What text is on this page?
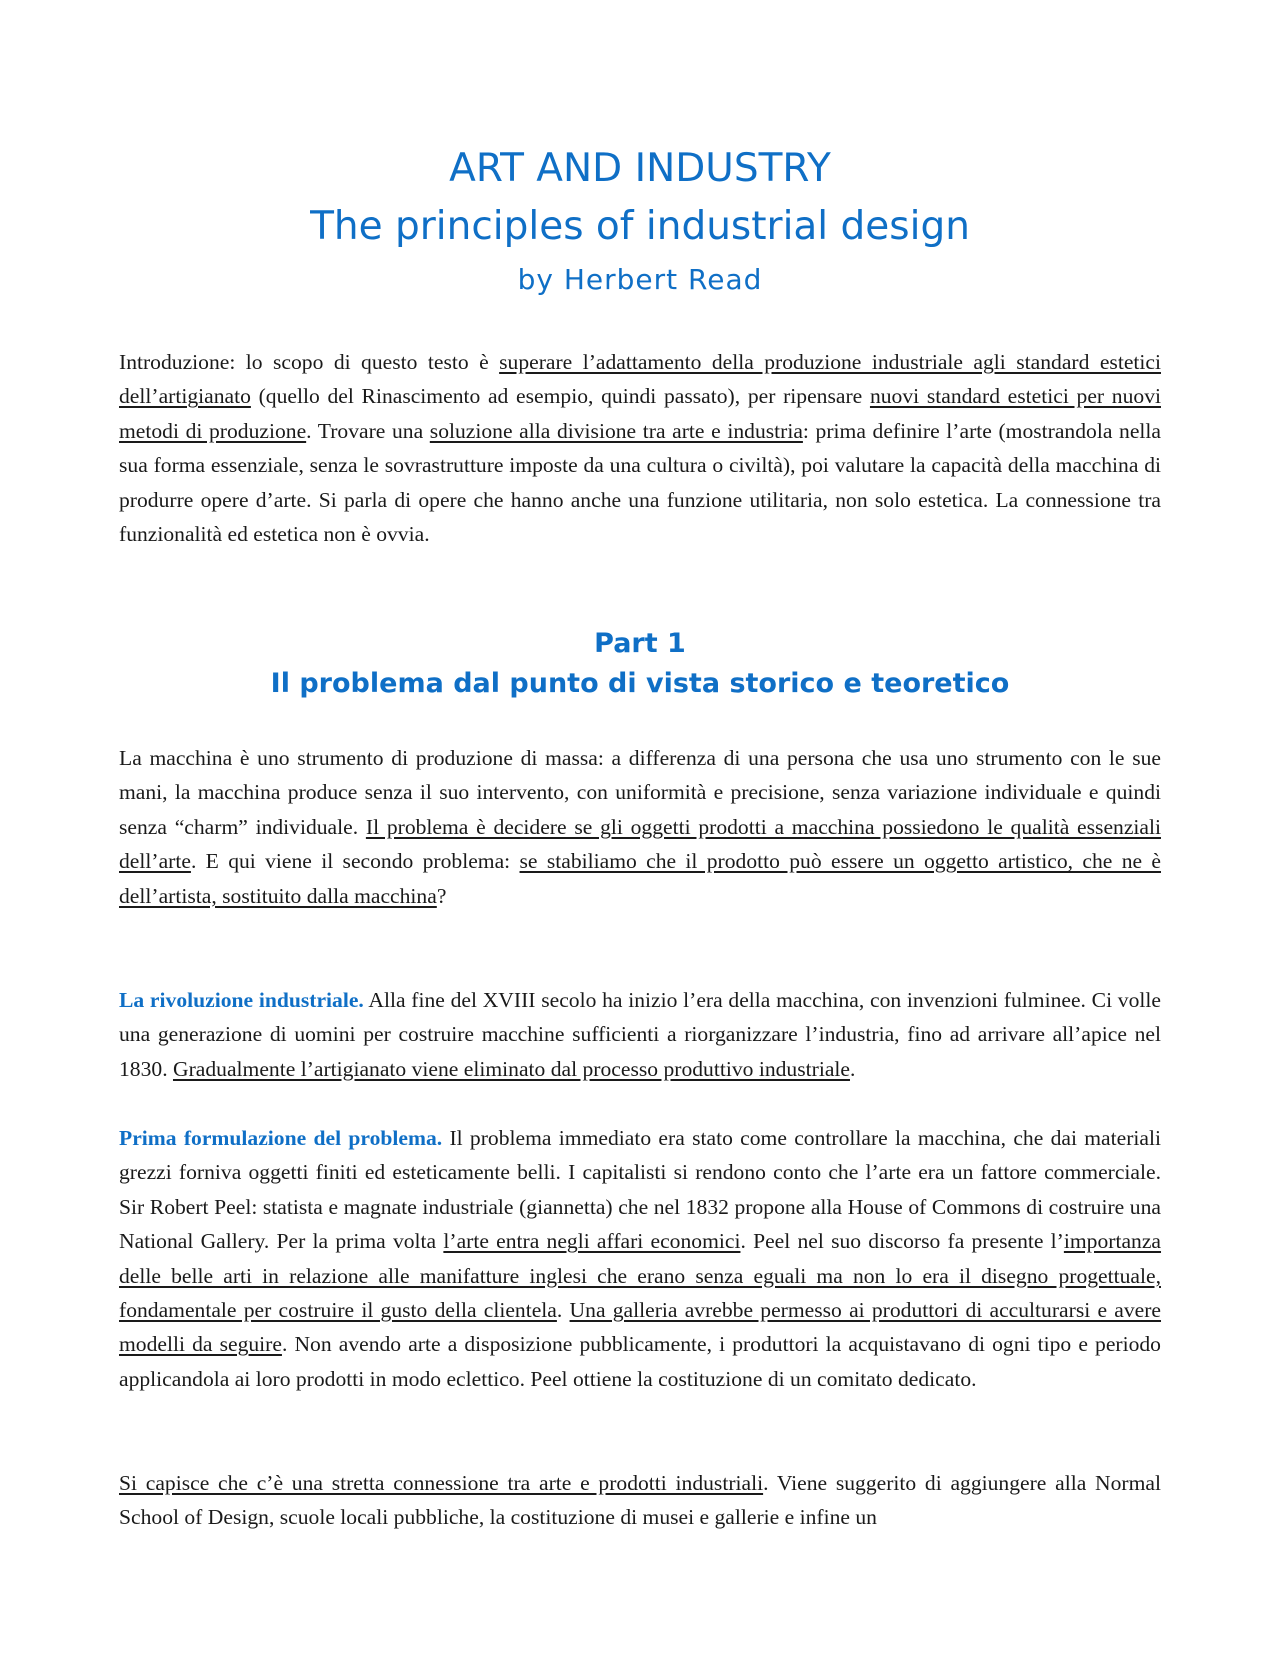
ART AND INDUSTRY
The principles of industrial design
by Herbert Read

Introduzione: lo scopo di questo testo è superare l’adattamento della produzione industriale agli standard estetici dell’artigianato (quello del Rinascimento ad esempio, quindi passato), per ripensare nuovi standard estetici per nuovi metodi di produzione. Trovare una soluzione alla divisione tra arte e industria: prima definire l’arte (mostrandola nella sua forma essenziale, senza le sovrastrutture imposte da una cultura o civiltà), poi valutare la capacità della macchina di produrre opere d’arte. Si parla di opere che hanno anche una funzione utilitaria, non solo estetica. La connessione tra funzionalità ed estetica non è ovvia.

Part 1
Il problema dal punto di vista storico e teoretico

La macchina è uno strumento di produzione di massa: a differenza di una persona che usa uno strumento con le sue mani, la macchina produce senza il suo intervento, con uniformità e precisione, senza variazione individuale e quindi senza “charm” individuale. Il problema è decidere se gli oggetti prodotti a macchina possiedono le qualità essenziali dell’arte. E qui viene il secondo problema: se stabiliamo che il prodotto può essere un oggetto artistico, che ne è dell’artista, sostituito dalla macchina?

La rivoluzione industriale. Alla fine del XVIII secolo ha inizio l’era della macchina, con invenzioni fulminee. Ci volle una generazione di uomini per costruire macchine sufficienti a riorganizzare l’industria, fino ad arrivare all’apice nel 1830. Gradualmente l’artigianato viene eliminato dal processo produttivo industriale.

Prima formulazione del problema. Il problema immediato era stato come controllare la macchina, che dai materiali grezzi forniva oggetti finiti ed esteticamente belli. I capitalisti si rendono conto che l’arte era un fattore commerciale. Sir Robert Peel: statista e magnate industriale (giannetta) che nel 1832 propone alla House of Commons di costruire una National Gallery. Per la prima volta l’arte entra negli affari economici. Peel nel suo discorso fa presente l’importanza delle belle arti in relazione alle manifatture inglesi che erano senza eguali ma non lo era il disegno progettuale, fondamentale per costruire il gusto della clientela. Una galleria avrebbe permesso ai produttori di acculturarsi e avere modelli da seguire. Non avendo arte a disposizione pubblicamente, i produttori la acquistavano di ogni tipo e periodo applicandola ai loro prodotti in modo eclettico. Peel ottiene la costituzione di un comitato dedicato.

Si capisce che c’è una stretta connessione tra arte e prodotti industriali. Viene suggerito di aggiungere alla Normal School of Design, scuole locali pubbliche, la costituzione di musei e gallerie e infine un
